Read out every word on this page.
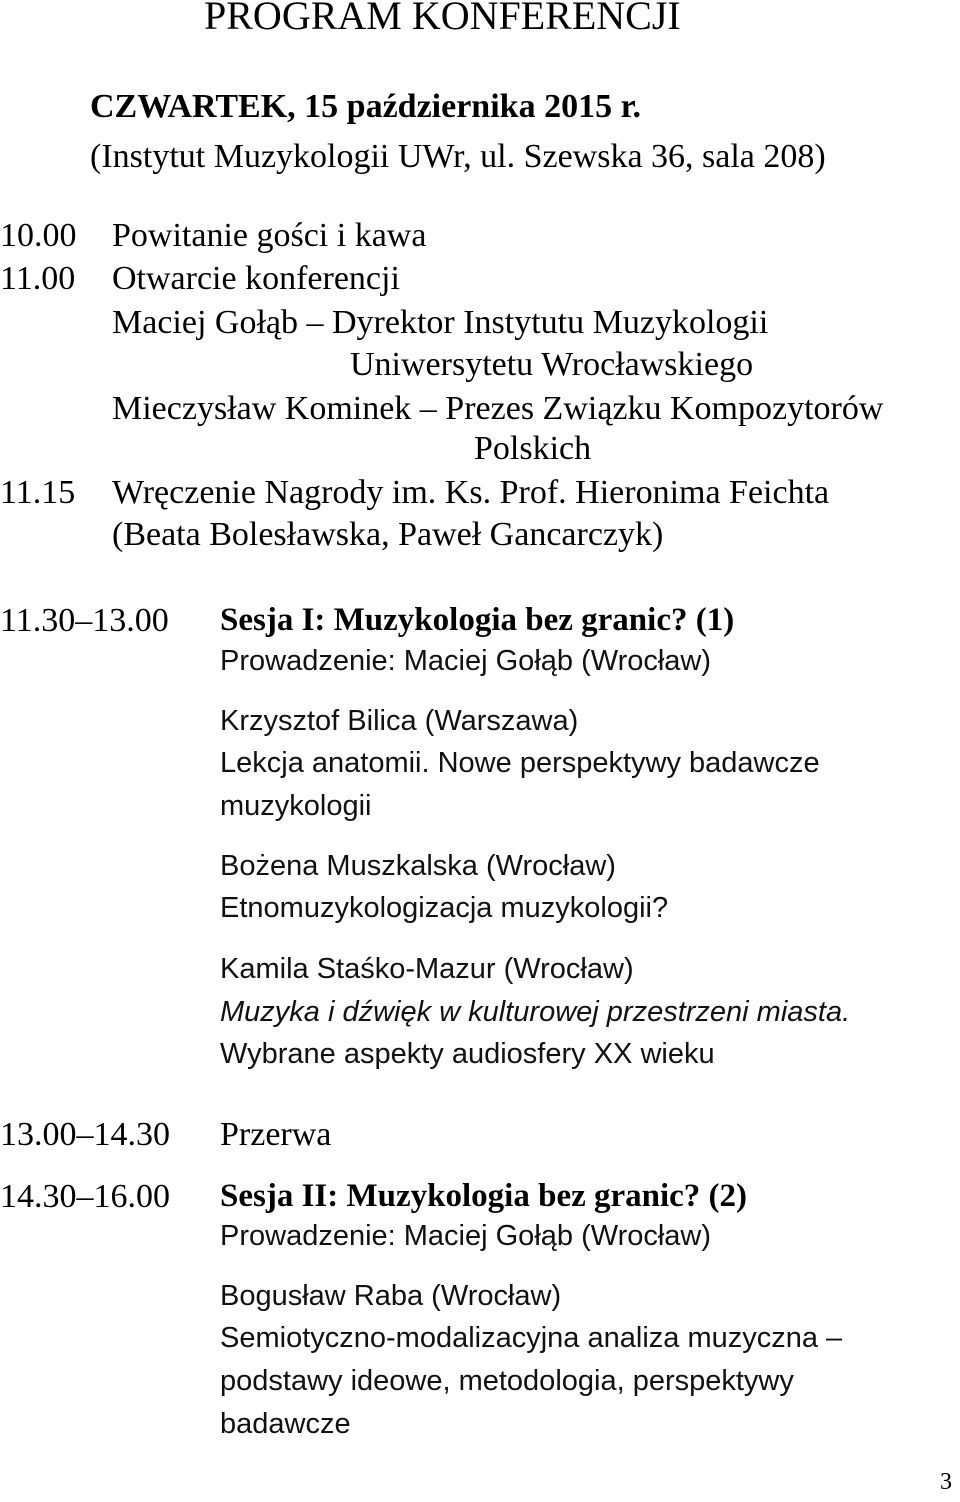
PROGRAM KONFERENCJI
CZWARTEK, 15 października 2015 r.
(Instytut Muzykologii UWr, ul. Szewska 36, sala 208)
10.00 Powitanie gości i kawa
11.00 Otwarcie konferencji
Maciej Gołąb – Dyrektor Instytutu Muzykologii
Uniwersytetu Wrocławskiego
Mieczysław Kominek – Prezes Związku Kompozytorów
Polskich
11.15 Wręczenie Nagrody im. Ks. Prof. Hieronima Feichta
(Beata Bolesławska, Paweł Gancarczyk)
11.30–13.00 Sesja I: Muzykologia bez granic? (1)
Prowadzenie: Maciej Gołąb (Wrocław)
Krzysztof Bilica (Warszawa)
Lekcja anatomii. Nowe perspektywy badawcze
muzykologii
Bożena Muszkalska (Wrocław)
Etnomuzykologizacja muzykologii?
Kamila Staśko-Mazur (Wrocław)
Muzyka i dźwięk w kulturowej przestrzeni miasta.
Wybrane aspekty audiosfery XX wieku
13.00–14.30 Przerwa
14.30–16.00 Sesja II: Muzykologia bez granic? (2)
Prowadzenie: Maciej Gołąb (Wrocław)
Bogusław Raba (Wrocław)
Semiotyczno-modalizacyjna analiza muzyczna –
podstawy ideowe, metodologia, perspektywy
badawcze
3
